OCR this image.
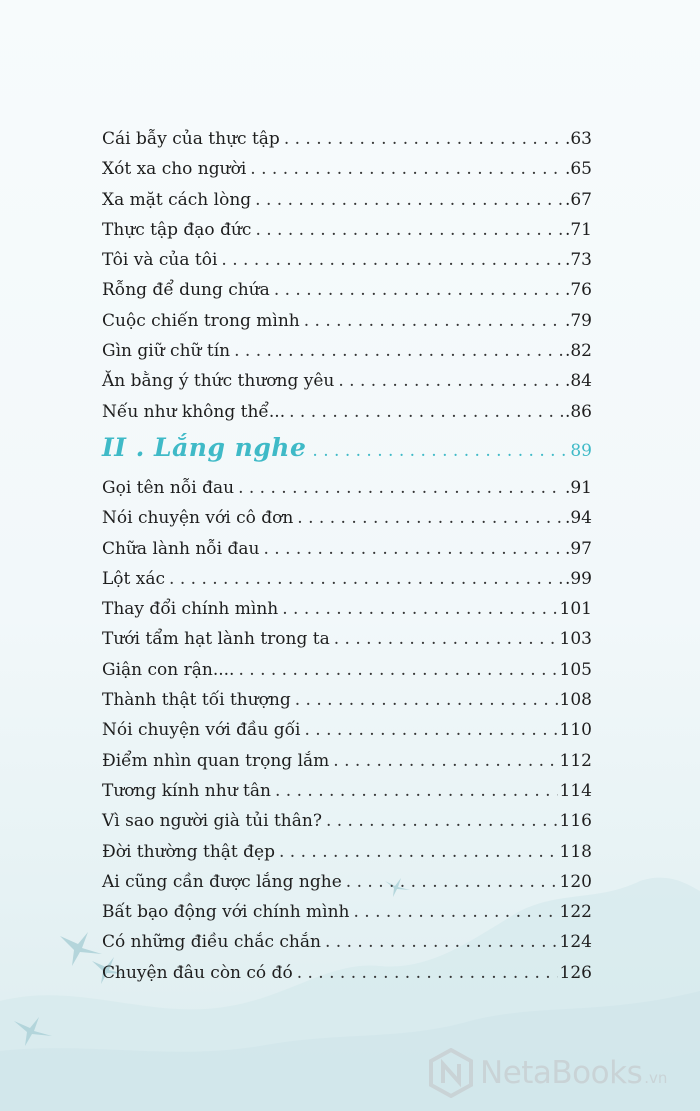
Cái bẫy của thực tập . . .	.63
Xót xa cho người . . .	.65
Xa mặt cách lòng . . .	.67
Thực tập đạo đức . . .	.71
Tôi và của tôi . . .	.73
Rỗng để dung chứa . . .	.76
Cuộc chiến trong mình . . .	.79
Gìn giữ chữ tín . . .	.82
Ăn bằng ý thức thương yêu . . .	.84
Nếu như không thể... . . .	.86
II . Lắng nghe . . .	89
Gọi tên nỗi đau . . .	.91
Nói chuyện với cô đơn . . .	.94
Chữa lành nỗi đau . . .	.97
Lột xác . . .	.99
Thay đổi chính mình . . .	101
Tưới tẩm hạt lành trong ta . . .	103
Giận con rận.... . . .	105
Thành thật tối thượng . . .	108
Nói chuyện với đầu gối . . .	110
Điểm nhìn quan trọng lắm . . .	112
Tương kính như tân . . .	114
Vì sao người già tủi thân? . . .	116
Đời thường thật đẹp . . .	118
Ai cũng cần được lắng nghe . . .	120
Bất bạo động với chính mình . . .	122
Có những điều chắc chắn . . .	124
Chuyện đâu còn có đó . . .	126
NetaBooks .vn
